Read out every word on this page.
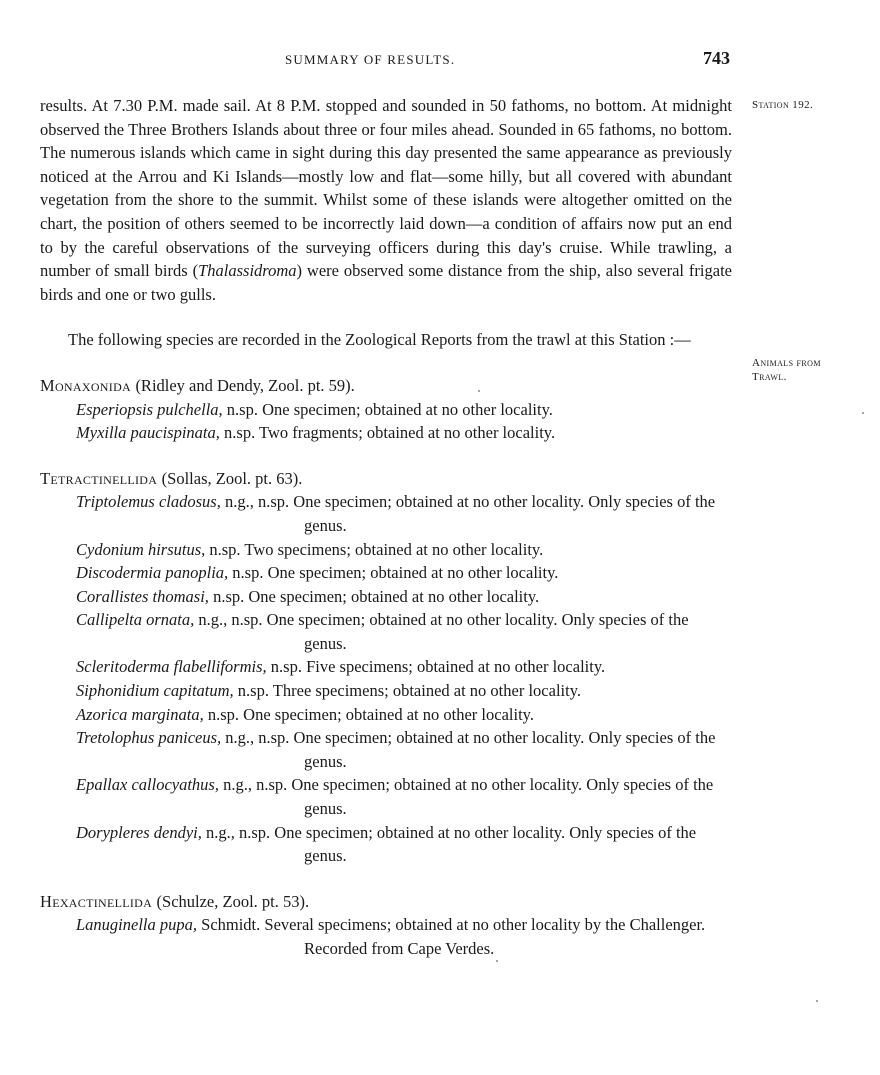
SUMMARY OF RESULTS.	743
Station 192.
Animals from Trawl.

results. At 7.30 P.M. made sail. At 8 P.M. stopped and sounded in 50 fathoms, no bottom. At midnight observed the Three Brothers Islands about three or four miles ahead. Sounded in 65 fathoms, no bottom. The numerous islands which came in sight during this day presented the same appearance as previously noticed at the Arrou and Ki Islands—mostly low and flat—some hilly, but all covered with abundant vegetation from the shore to the summit. Whilst some of these islands were altogether omitted on the chart, the position of others seemed to be incorrectly laid down—a condition of affairs now put an end to by the careful observations of the surveying officers during this day's cruise. While trawling, a number of small birds (Thalassidroma) were observed some distance from the ship, also several frigate birds and one or two gulls.

The following species are recorded in the Zoological Reports from the trawl at this Station :—

Monaxonida (Ridley and Dendy, Zool. pt. 59).

Esperiopsis pulchella, n.sp. One specimen; obtained at no other locality.

Myxilla paucispinata, n.sp. Two fragments; obtained at no other locality.

Tetractinellida (Sollas, Zool. pt. 63).

Triptolemus cladosus, n.g., n.sp. One specimen; obtained at no other locality. Only species of the genus.

Cydonium hirsutus, n.sp. Two specimens; obtained at no other locality.

Discodermia panoplia, n.sp. One specimen; obtained at no other locality.

Corallistes thomasi, n.sp. One specimen; obtained at no other locality.

Callipelta ornata, n.g., n.sp. One specimen; obtained at no other locality. Only species of the genus.

Scleritoderma flabelliformis, n.sp. Five specimens; obtained at no other locality.

Siphonidium capitatum, n.sp. Three specimens; obtained at no other locality.

Azorica marginata, n.sp. One specimen; obtained at no other locality.

Tretolophus paniceus, n.g., n.sp. One specimen; obtained at no other locality. Only species of the genus.

Epallax callocyathus, n.g., n.sp. One specimen; obtained at no other locality. Only species of the genus.

Dorypleres dendyi, n.g., n.sp. One specimen; obtained at no other locality. Only species of the genus.

Hexactinellida (Schulze, Zool. pt. 53).

Lanuginella pupa, Schmidt. Several specimens; obtained at no other locality by the Challenger. Recorded from Cape Verdes.
